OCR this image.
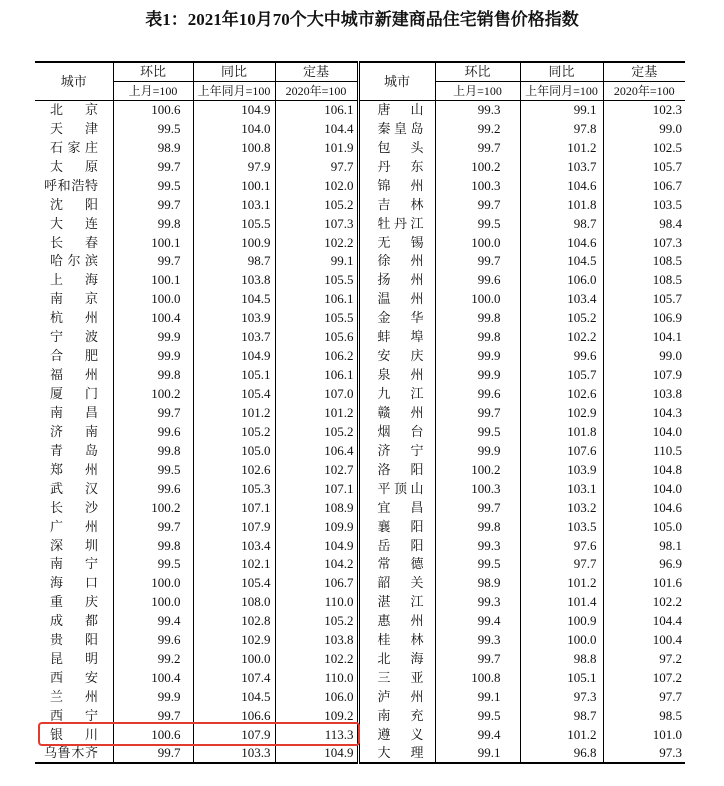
表1：2021年10月70个大中城市新建商品住宅销售价格指数
城市	环比	同比	定基	城市	环比	同比	定基
	上月=100	上年同月=100	2020年=100		上月=100	上年同月=100	2020年=100

北 京	100.6	104.9	106.1	唐 山	99.3	99.1	102.3

天 津	99.5	104.0	104.4	秦 皇 岛	99.2	97.8	99.0

石 家 庄	98.9	100.8	101.9	包 头	99.7	101.2	102.5

太 原	99.7	97.9	97.7	丹 东	100.2	103.7	105.7

呼 和 浩 特	99.5	100.1	102.0	锦 州	100.3	104.6	106.7

沈 阳	99.7	103.1	105.2	吉 林	99.7	101.8	103.5

大 连	99.8	105.5	107.3	牡 丹 江	99.5	98.7	98.4

长 春	100.1	100.9	102.2	无 锡	100.0	104.6	107.3

哈 尔 滨	99.7	98.7	99.1	徐 州	99.7	104.5	108.5

上 海	100.1	103.8	105.5	扬 州	99.6	106.0	108.5

南 京	100.0	104.5	106.1	温 州	100.0	103.4	105.7

杭 州	100.4	103.9	105.5	金 华	99.8	105.2	106.9

宁 波	99.9	103.7	105.6	蚌 埠	99.8	102.2	104.1

合 肥	99.9	104.9	106.2	安 庆	99.9	99.6	99.0

福 州	99.8	105.1	106.1	泉 州	99.9	105.7	107.9

厦 门	100.2	105.4	107.0	九 江	99.6	102.6	103.8

南 昌	99.7	101.2	101.2	赣 州	99.7	102.9	104.3

济 南	99.6	105.2	105.2	烟 台	99.5	101.8	104.0

青 岛	99.8	105.0	106.4	济 宁	99.9	107.6	110.5

郑 州	99.5	102.6	102.7	洛 阳	100.2	103.9	104.8

武 汉	99.6	105.3	107.1	平 顶 山	100.3	103.1	104.0

长 沙	100.2	107.1	108.9	宜 昌	99.7	103.2	104.6

广 州	99.7	107.9	109.9	襄 阳	99.8	103.5	105.0

深 圳	99.8	103.4	104.9	岳 阳	99.3	97.6	98.1

南 宁	99.5	102.1	104.2	常 德	99.5	97.7	96.9

海 口	100.0	105.4	106.7	韶 关	98.9	101.2	101.6

重 庆	100.0	108.0	110.0	湛 江	99.3	101.4	102.2

成 都	99.4	102.8	105.2	惠 州	99.4	100.9	104.4

贵 阳	99.6	102.9	103.8	桂 林	99.3	100.0	100.4

昆 明	99.2	100.0	102.2	北 海	99.7	98.8	97.2

西 安	100.4	107.4	110.0	三 亚	100.8	105.1	107.2

兰 州	99.9	104.5	106.0	泸 州	99.1	97.3	97.7

西 宁	99.7	106.6	109.2	南 充	99.5	98.7	98.5

银 川	100.6	107.9	113.3	遵 义	99.4	101.2	101.0

乌 鲁 木 齐	99.7	103.3	104.9	大 理	99.1	96.8	97.3
